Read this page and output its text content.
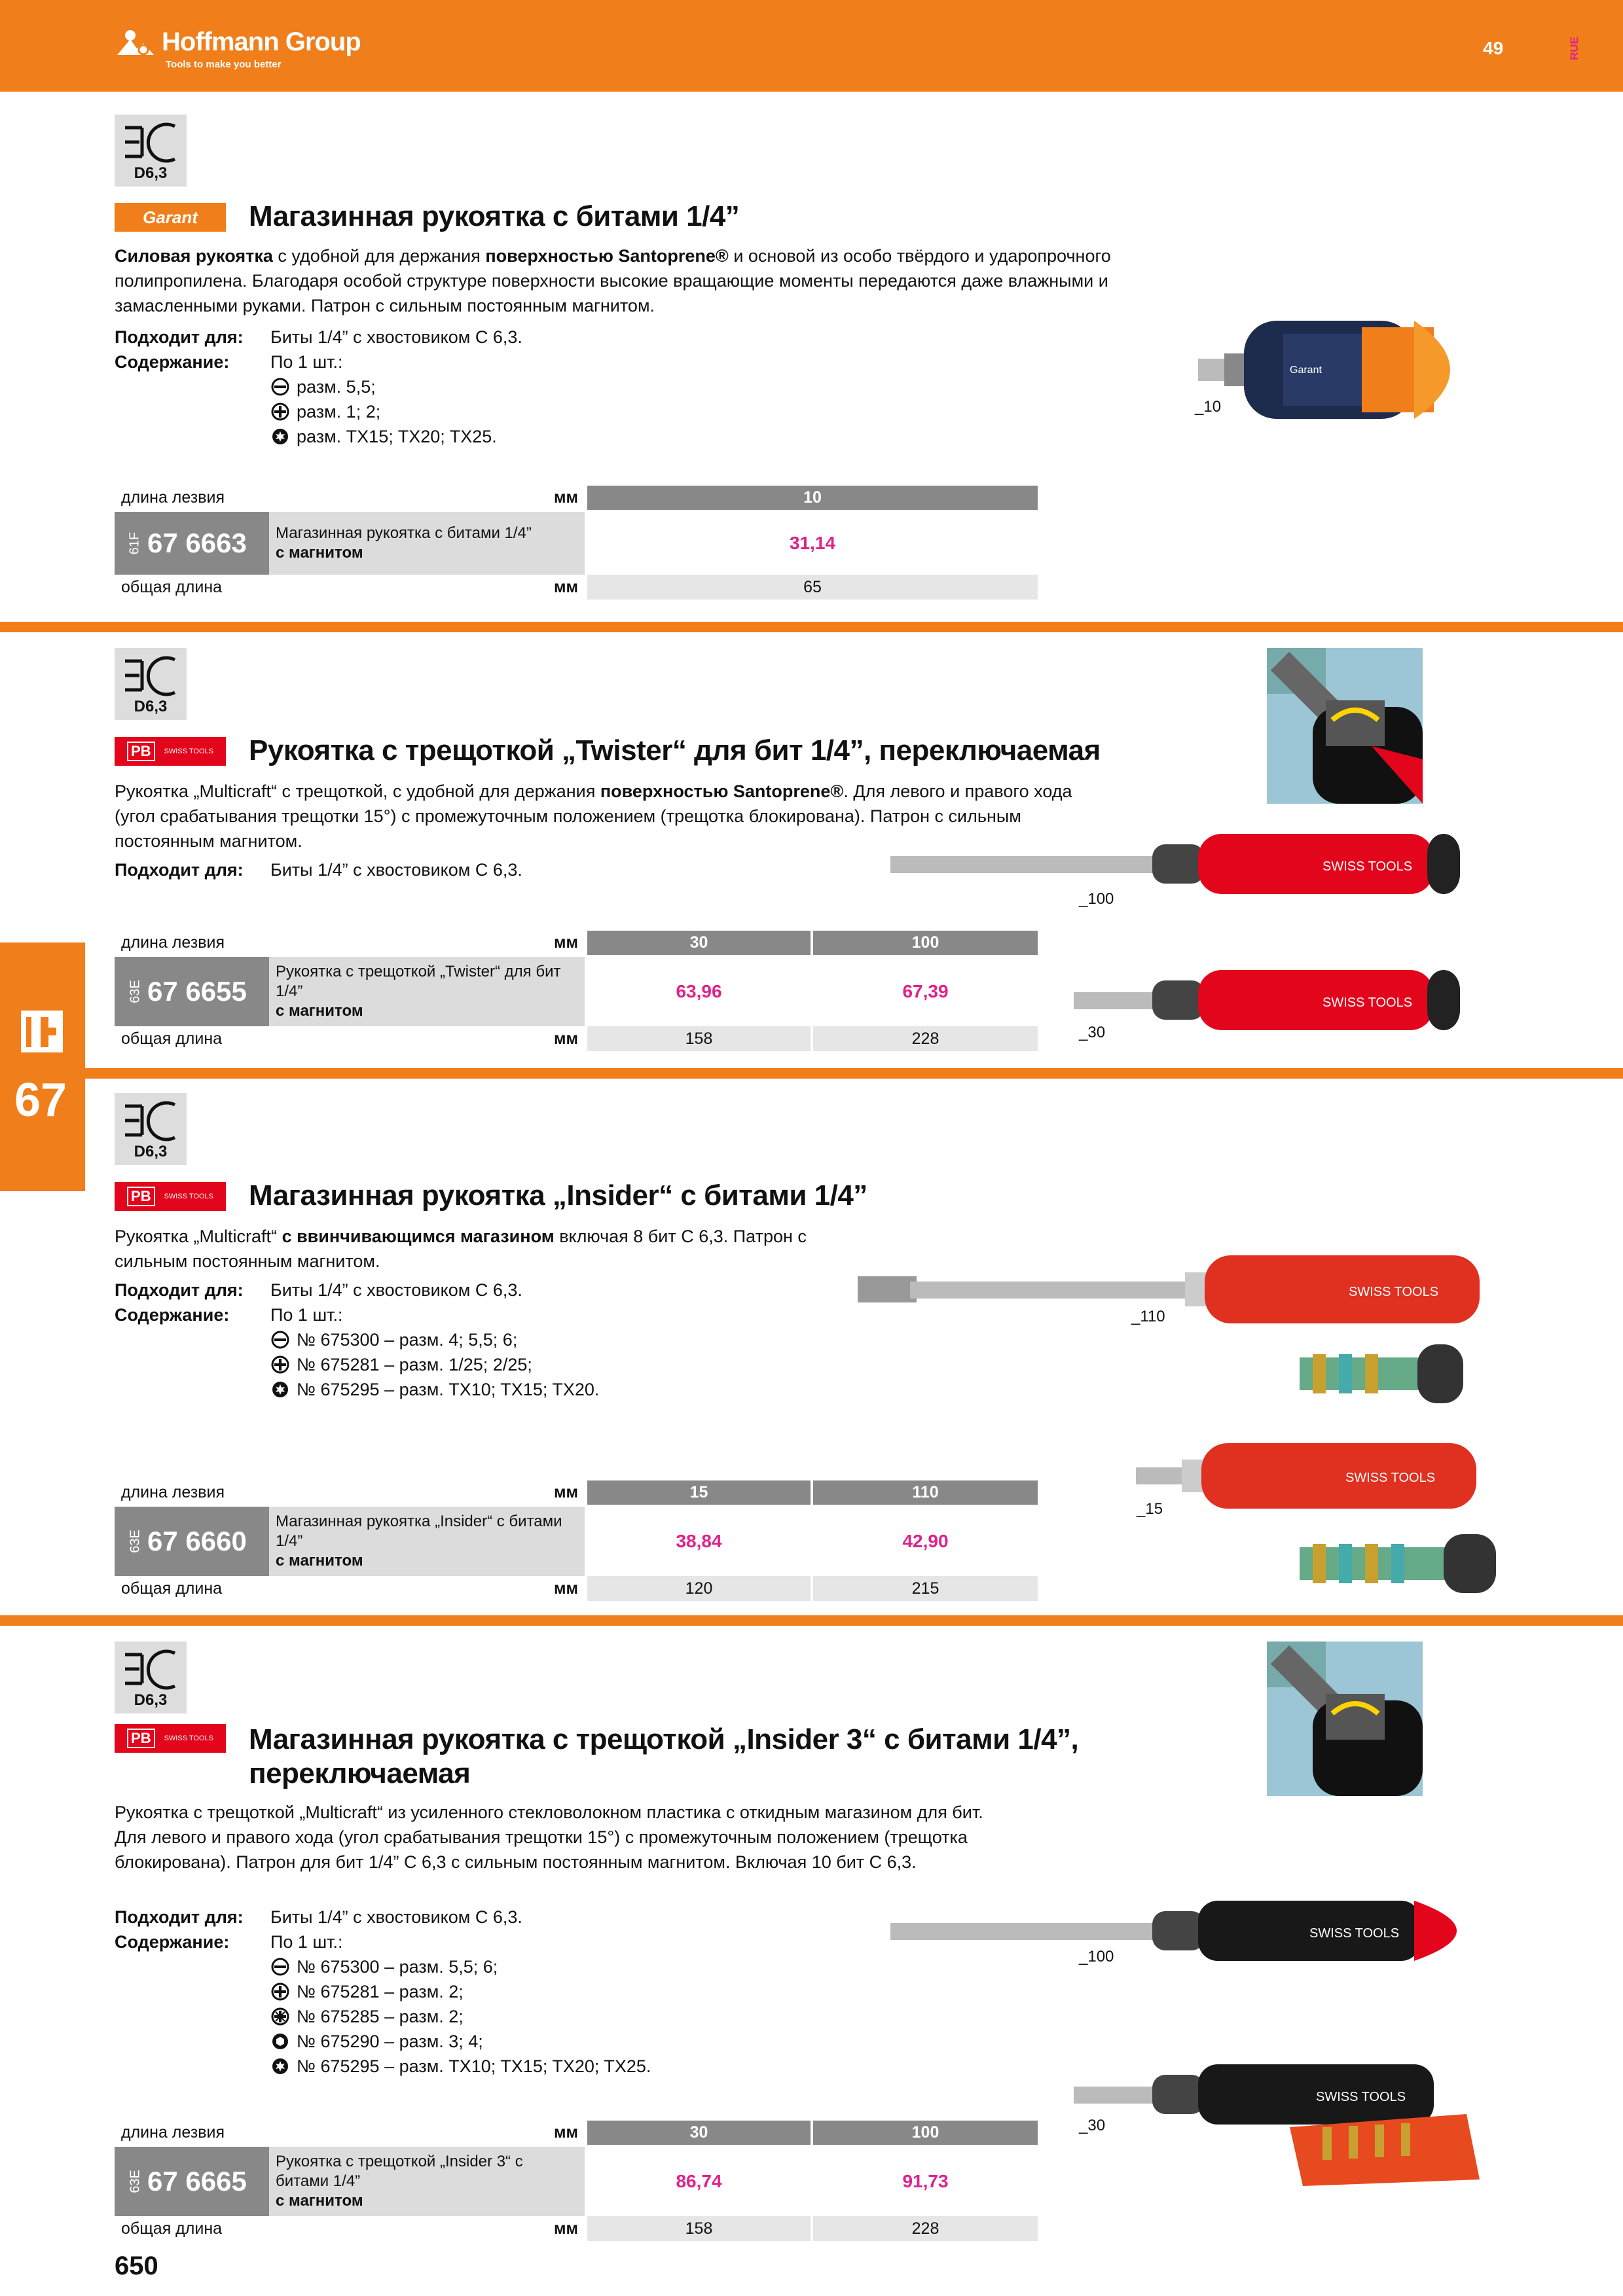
Hoffmann Group
Tools to make you better
49	RUE
67
D6,3
Garant	Магазинная рукоятка с битами 1/4”
Силовая рукоятка с удобной для держания поверхностью Santoprene® и основой из особо твёрдого и ударопрочного полипропилена. Благодаря особой структуре поверхности высокие вращающие моменты передаются даже влажными и замасленными руками. Патрон с сильным постоянным магнитом.
Подходит для: Биты 1/4” с хвостовиком C 6,3.
Содержание: По 1 шт.:
разм. 5,5;
разм. 1; 2;
разм. TX15; TX20; TX25.
длина лезвия		мм	10

61F 67 6663	Магазинная рукоятка с битами 1/4”
с магнитом		31,14
общая длина		мм	65
Garant
_10
D6,3
PB	SWISS TOOLS Рукоятка с трещоткой „Twister“ для бит 1/4”, переключаемая
Рукоятка „Multicraft“ с трещоткой, с удобной для держания поверхностью Santoprene®. Для левого и правого хода (угол срабатывания трещотки 15°) с промежуточным положением (трещотка блокирована). Патрон с сильным постоянным магнитом.
Подходит для: Биты 1/4” с хвостовиком C 6,3.	SWISS TOOLS
_100
SWISS TOOLS
_30
длина лезвия		мм	30	100

63E 67 6655	Рукоятка с трещоткой „Twister“ для бит 1/4”
с магнитом		63,96	67,39
общая длина		мм	158	228
D6,3
PB	SWISS TOOLS Магазинная рукоятка „Insider“ с битами 1/4”
Рукоятка „Multicraft“ с ввинчивающимся магазином включая 8 бит C 6,3. Патрон с сильным постоянным магнитом.
Подходит для: Биты 1/4” с хвостовиком C 6,3.
Содержание: По 1 шт.:
№ 675300 – разм. 4; 5,5; 6;
№ 675281 – разм. 1/25; 2/25;
№ 675295 – разм. TX10; TX15; TX20.
SWISS TOOLS
_110
SWISS TOOLS
_15
длина лезвия		мм	15	110

63E 67 6660	Магазинная рукоятка „Insider“ с битами 1/4”
с магнитом		38,84	42,90
общая длина		мм	120	215
D6,3
PB	SWISS TOOLS Магазинная рукоятка с трещоткой „Insider 3“ с битами 1/4”, переключаемая
Рукоятка с трещоткой „Multicraft“ из усиленного стекловолокном пластика с откидным магазином для бит. Для левого и правого хода (угол срабатывания трещотки 15°) с промежуточным положением (трещотка блокирована). Патрон для бит 1/4” C 6,3 с сильным постоянным магнитом. Включая 10 бит C 6,3.
Подходит для: Биты 1/4” с хвостовиком C 6,3.
Содержание: По 1 шт.:
№ 675300 – разм. 5,5; 6;
№ 675281 – разм. 2;
№ 675285 – разм. 2;
№ 675290 – разм. 3; 4;
№ 675295 – разм. TX10; TX15; TX20; TX25.
SWISS TOOLS
_100
SWISS TOOLS
_30
длина лезвия		мм	30	100

63E 67 6665	Рукоятка с трещоткой „Insider 3“ с битами 1/4”
с магнитом		86,74	91,73
общая длина		мм	158	228
650
